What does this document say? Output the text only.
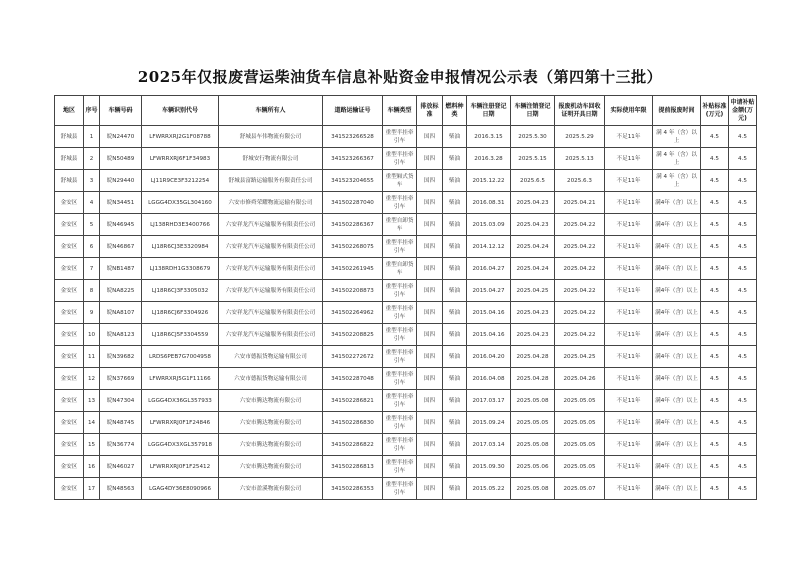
2025年仅报废营运柴油货车信息补贴资金申报情况公示表（第四第十三批）
地区	序号	车辆号码	车辆识别代号	车辆所有人	道路运输证号	车辆类型	排放标准	燃料种类	车辆注册登记日期	车辆注销登记日期	报废机动车回收证明开具日期	实际使用年限	提前报废时间	补贴标准(万元)	申请补贴金额(万元)
舒城县	1	皖N24470	LFWRRXRJ2G1F08788	舒城县车伟物流有限公司	341523266528	重型半挂牵引车	国四	柴油	2016.3.15	2025.5.30	2025.5.29	不足11年	满 4 年（含）以上	4.5	4.5
舒城县	2	皖N50489	LFWRRXRJ6F1F34983	舒城安行物流有限公司	341523266367	重型半挂牵引车	国四	柴油	2016.3.28	2025.5.15	2025.5.13	不足11年	满 4 年（含）以上	4.5	4.5
舒城县	3	皖N29440	LJ11R9CE3F3212254	舒城县富路运输服务有限责任公司	341523204655	重型厢式货车	国四	柴油	2015.12.22	2025.6.5	2025.6.3	不足11年	满 4 年（含）以上	4.5	4.5
金安区	4	皖N34451	LGGG4DX35GL304160	六安市修舜荣耀物流运输有限公司	341502287040	重型半挂牵引车	国四	柴油	2016.08.31	2025.04.23	2025.04.21	不足11年	满4年（含）以上	4.5	4.5
金安区	5	皖N46945	LJ138RHD3E3400766	六安祥龙汽车运输服务有限责任公司	341502286367	重型自卸货车	国四	柴油	2015.03.09	2025.04.23	2025.04.22	不足11年	满4年（含）以上	4.5	4.5
金安区	6	皖N46867	LJ18R6CJ3E3320984	六安祥龙汽车运输服务有限责任公司	341502268075	重型半挂牵引车	国四	柴油	2014.12.12	2025.04.24	2025.04.22	不足11年	满4年（含）以上	4.5	4.5
金安区	7	皖NB1487	LJ138RDH1G3308679	六安祥龙汽车运输服务有限责任公司	341502261945	重型自卸货车	国四	柴油	2016.04.27	2025.04.24	2025.04.22	不足11年	满4年（含）以上	4.5	4.5
金安区	8	皖NA8225	LJ18R6CJ3F3305032	六安祥龙汽车运输服务有限责任公司	341502208873	重型半挂牵引车	国四	柴油	2015.04.27	2025.04.25	2025.04.22	不足11年	满4年（含）以上	4.5	4.5
金安区	9	皖NA8107	LJ18R6CJ6F3304926	六安祥龙汽车运输服务有限责任公司	341502264962	重型半挂牵引车	国四	柴油	2015.04.16	2025.04.23	2025.04.22	不足11年	满4年（含）以上	4.5	4.5
金安区	10	皖NA8123	LJ18R6CJ5F3304559	六安祥龙汽车运输服务有限责任公司	341502208825	重型半挂牵引车	国四	柴油	2015.04.16	2025.04.23	2025.04.22	不足11年	满4年（含）以上	4.5	4.5
金安区	11	皖N39682	LRDS6PEB7G7004958	六安市德振货物运输有限公司	341502272672	重型半挂牵引车	国四	柴油	2016.04.20	2025.04.28	2025.04.25	不足11年	满4年（含）以上	4.5	4.5
金安区	12	皖N37669	LFWRRXRJ5G1F11166	六安市德振货物运输有限公司	341502287048	重型半挂牵引车	国四	柴油	2016.04.08	2025.04.28	2025.04.26	不足11年	满4年（含）以上	4.5	4.5
金安区	13	皖N47304	LGGG4DX36GL357933	六安市腾达物流有限公司	341502286821	重型半挂牵引车	国四	柴油	2017.03.17	2025.05.08	2025.05.05	不足11年	满4年（含）以上	4.5	4.5
金安区	14	皖N48745	LFWRRXRJ0F1F24846	六安市腾达物流有限公司	341502286830	重型半挂牵引车	国四	柴油	2015.09.24	2025.05.05	2025.05.05	不足11年	满4年（含）以上	4.5	4.5
金安区	15	皖N36774	LGGG4DX3XGL357918	六安市腾达物流有限公司	341502286822	重型半挂牵引车	国四	柴油	2017.03.14	2025.05.08	2025.05.05	不足11年	满4年（含）以上	4.5	4.5
金安区	16	皖N46027	LFWRRXRJ0F1F25412	六安市腾达物流有限公司	341502286813	重型半挂牵引车	国四	柴油	2015.09.30	2025.05.06	2025.05.05	不足11年	满4年（含）以上	4.5	4.5
金安区	17	皖N48563	LGAG4DY36E8090966	六安市盈溪物流有限公司	341502286353	重型半挂牵引车	国四	柴油	2015.05.22	2025.05.08	2025.05.07	不足11年	满4年（含）以上	4.5	4.5
